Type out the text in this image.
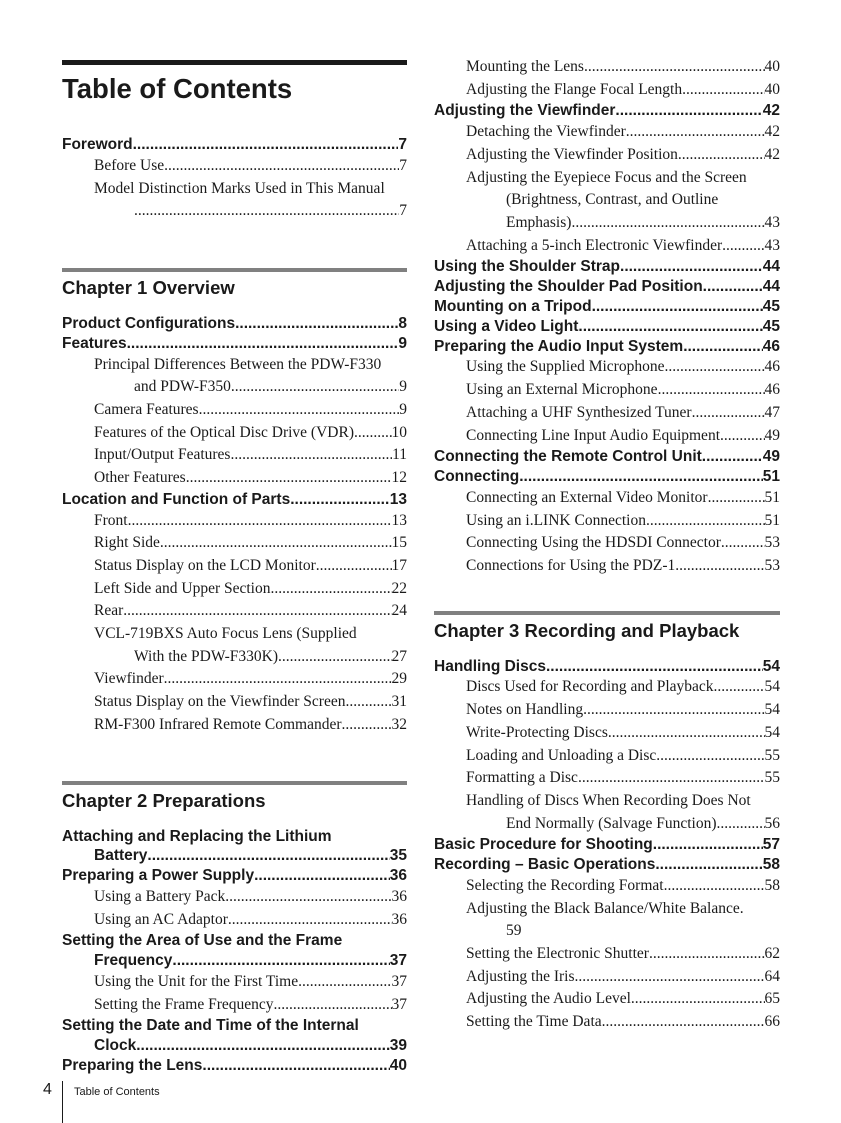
Table of Contents
Foreword .....	7
Before Use .....	7
Model Distinction Marks Used in This Manual
.....
7
Chapter 1 Overview
Product Configurations .....	8
Features .....	9
Principal Differences Between the PDW-F330
and PDW-F350 .....	9
Camera Features .....	9
Features of the Optical Disc Drive (VDR) ..... 10
Input/Output Features .....	11
Other Features .....	12
Location and Function of Parts .....	13
Front .....	13
Right Side .....	15
Status Display on the LCD Monitor .....	17
Left Side and Upper Section .....	22
Rear .....	24
VCL-719BXS Auto Focus Lens (Supplied
With the PDW-F330K) .....	27
Viewfinder .....	29
Status Display on the Viewfinder Screen .....	31
RM-F300 Infrared Remote Commander .....	32
Chapter 2 Preparations
Attaching and Replacing the Lithium
Battery .....	35
Preparing a Power Supply .....	36
Using a Battery Pack .....	36
Using an AC Adaptor .....	36
Setting the Area of Use and the Frame
Frequency .....	37
Using the Unit for the First Time .....	37
Setting the Frame Frequency .....	37
Setting the Date and Time of the Internal
Clock .....	39
Preparing the Lens .....	40
Mounting the Lens .....	40
Adjusting the Flange Focal Length .....	40
Adjusting the Viewfinder .....	42
Detaching the Viewfinder .....	42
Adjusting the Viewfinder Position .....	42
Adjusting the Eyepiece Focus and the Screen
(Brightness, Contrast, and Outline
Emphasis) .....	43
Attaching a 5-inch Electronic Viewfinder .....	43
Using the Shoulder Strap .....	44
Adjusting the Shoulder Pad Position .....	44
Mounting on a Tripod .....	45
Using a Video Light .....	45
Preparing the Audio Input System .....	46
Using the Supplied Microphone .....	46
Using an External Microphone .....	46
Attaching a UHF Synthesized Tuner .....	47
Connecting Line Input Audio Equipment .....	49
Connecting the Remote Control Unit .....	49
Connecting .....	51
Connecting an External Video Monitor .....	51
Using an i.LINK Connection .....	51
Connecting Using the HDSDI Connector .....	53
Connections for Using the PDZ-1 .....	53
Chapter 3 Recording and Playback
Handling Discs .....	54
Discs Used for Recording and Playback .....	54
Notes on Handling .....	54
Write-Protecting Discs .....	54
Loading and Unloading a Disc .....	55
Formatting a Disc .....	55
Handling of Discs When Recording Does Not
End Normally (Salvage Function) .....	56
Basic Procedure for Shooting .....	57
Recording – Basic Operations .....	58
Selecting the Recording Format .....	58
Adjusting the Black Balance/White Balance.
59
Setting the Electronic Shutter .....	62
Adjusting the Iris .....	64
Adjusting the Audio Level .....	65
Setting the Time Data .....	66
4 Table of Contents
